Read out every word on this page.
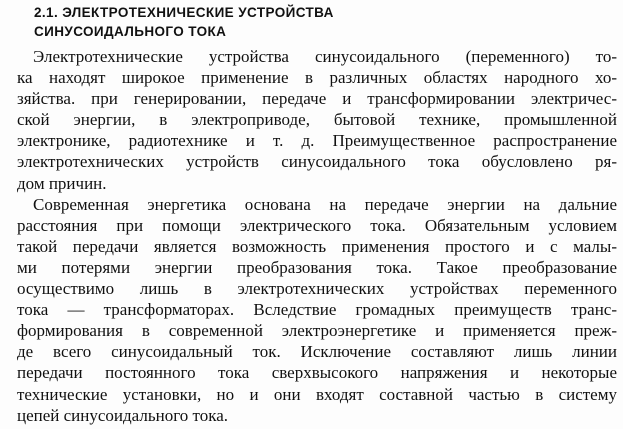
2.1. ЭЛЕКТРОТЕХНИЧЕСКИЕ УСТРОЙСТВА
СИНУСОИДАЛЬНОГО ТОКА
Электротехнические устройства синусоидального (переменного) то-
ка находят широкое применение в различных областях народного хо-
зяйства. при генерировании, передаче и трансформировании электричес-
ской энергии, в электроприводе, бытовой технике, промышленной
электронике, радиотехнике и т. д. Преимущественное распространение
электротехнических устройств синусоидального тока обусловлено ря-
дом причин.
Современная энергетика основана на передаче энергии на дальние
расстояния при помощи электрического тока. Обязательным условием
такой передачи является возможность применения простого и с малы-
ми потерями энергии преобразования тока. Такое преобразование
осуществимо лишь в электротехнических устройствах переменного
тока — трансформаторах. Вследствие громадных преимуществ транс-
формирования в современной электроэнергетике и применяется преж-
де всего синусоидальный ток. Исключение составляют лишь линии
передачи постоянного тока сверхвысокого напряжения и некоторые
технические установки, но и они входят составной частью в систему
цепей синусоидального тока.
